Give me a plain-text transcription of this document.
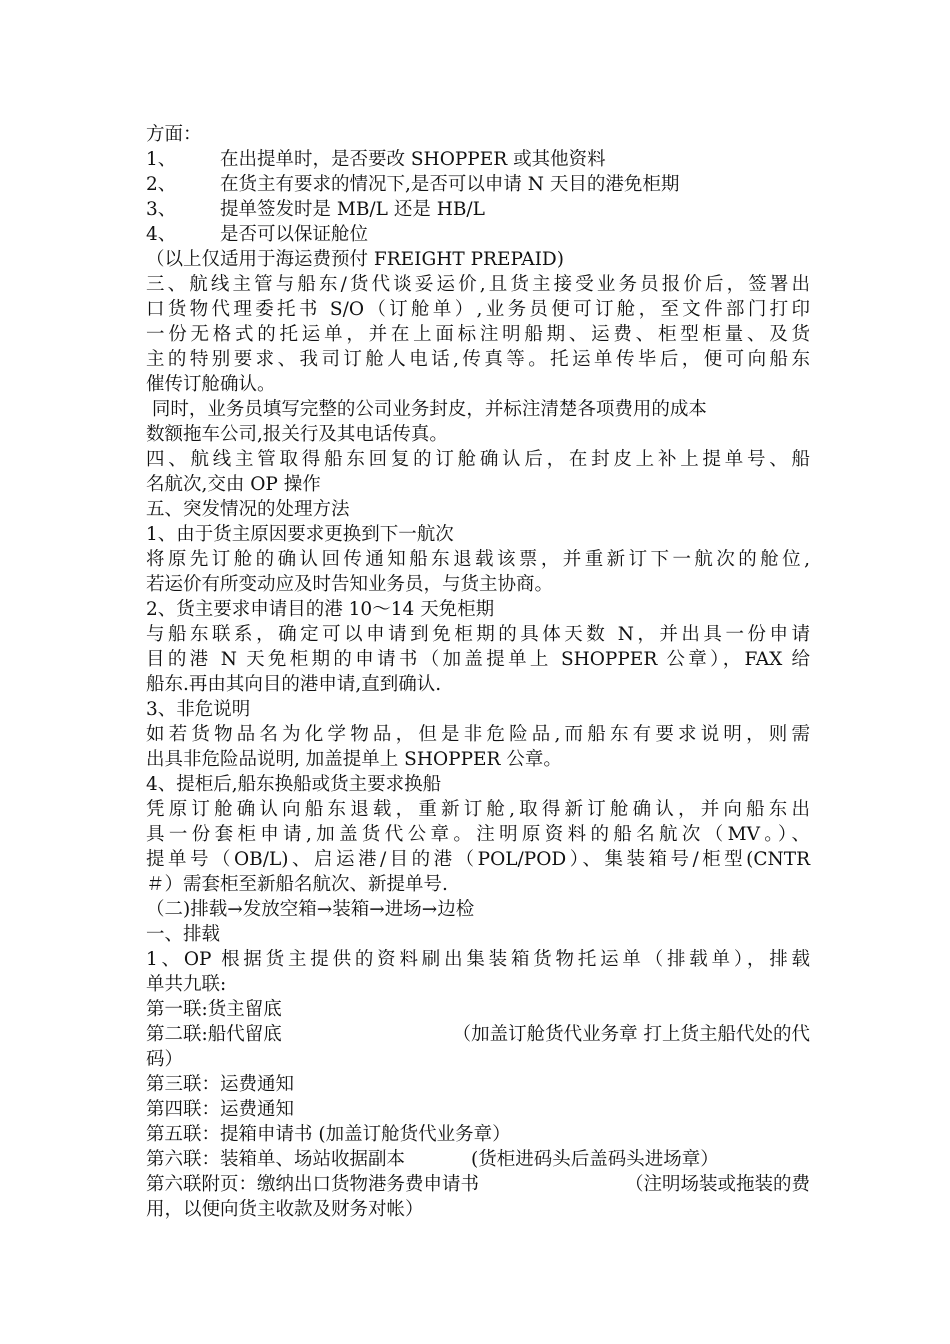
方面：
1、	在出提单时，是否要改 SHOPPER 或其他资料
2、	在货主有要求的情况下,是否可以申请 N 天目的港免柜期
3、	提单签发时是 MB/L 还是 HB/L
4、	是否可以保证舱位
（以上仅适用于海运费预付 FREIGHT PREPAID)
三、航线主管与船东/货代谈妥运价,且货主接受业务员报价后，签署出
口货物代理委托书 S/O（订舱单）,业务员便可订舱，至文件部门打印
一份无格式的托运单，并在上面标注明船期、运费、柜型柜量、及货
主的特别要求、我司订舱人电话,传真等。托运单传毕后，便可向船东
催传订舱确认。
同时，业务员填写完整的公司业务封皮，并标注清楚各项费用的成本
数额拖车公司,报关行及其电话传真。
四、航线主管取得船东回复的订舱确认后，在封皮上补上提单号、船
名航次,交由 OP 操作
五、突发情况的处理方法
1、由于货主原因要求更换到下一航次
将原先订舱的确认回传通知船东退载该票，并重新订下一航次的舱位,
若运价有所变动应及时告知业务员，与货主协商。
2、货主要求申请目的港 10～14 天免柜期
与船东联系，确定可以申请到免柜期的具体天数 N，并出具一份申请
目的港 N 天免柜期的申请书（加盖提单上 SHOPPER 公章），FAX 给
船东.再由其向目的港申请,直到确认.
3、非危说明
如若货物品名为化学物品，但是非危险品,而船东有要求说明，则需
出具非危险品说明, 加盖提单上 SHOPPER 公章。
4、提柜后,船东换船或货主要求换船
凭原订舱确认向船东退载，重新订舱,取得新订舱确认，并向船东出
具一份套柜申请,加盖货代公章。注明原资料的船名航次（MV。）、
提单号（OB/L)、启运港/目的港（POL/POD）、集装箱号/柜型(CNTR
＃）需套柜至新船名航次、新提单号.
（二)排载→发放空箱→装箱→进场→边检
一、排载
1、OP 根据货主提供的资料刷出集装箱货物托运单（排载单），排载
单共九联:
第一联:货主留底
第二联:船代留底	（加盖订舱货代业务章 打上货主船代处的代
码）
第三联：运费通知
第四联：运费通知
第五联：提箱申请书 (加盖订舱货代业务章）
第六联：装箱单、场站收据副本	(货柜进码头后盖码头进场章）
第六联附页：缴纳出口货物港务费申请书	（注明场装或拖装的费
用，以便向货主收款及财务对帐）
